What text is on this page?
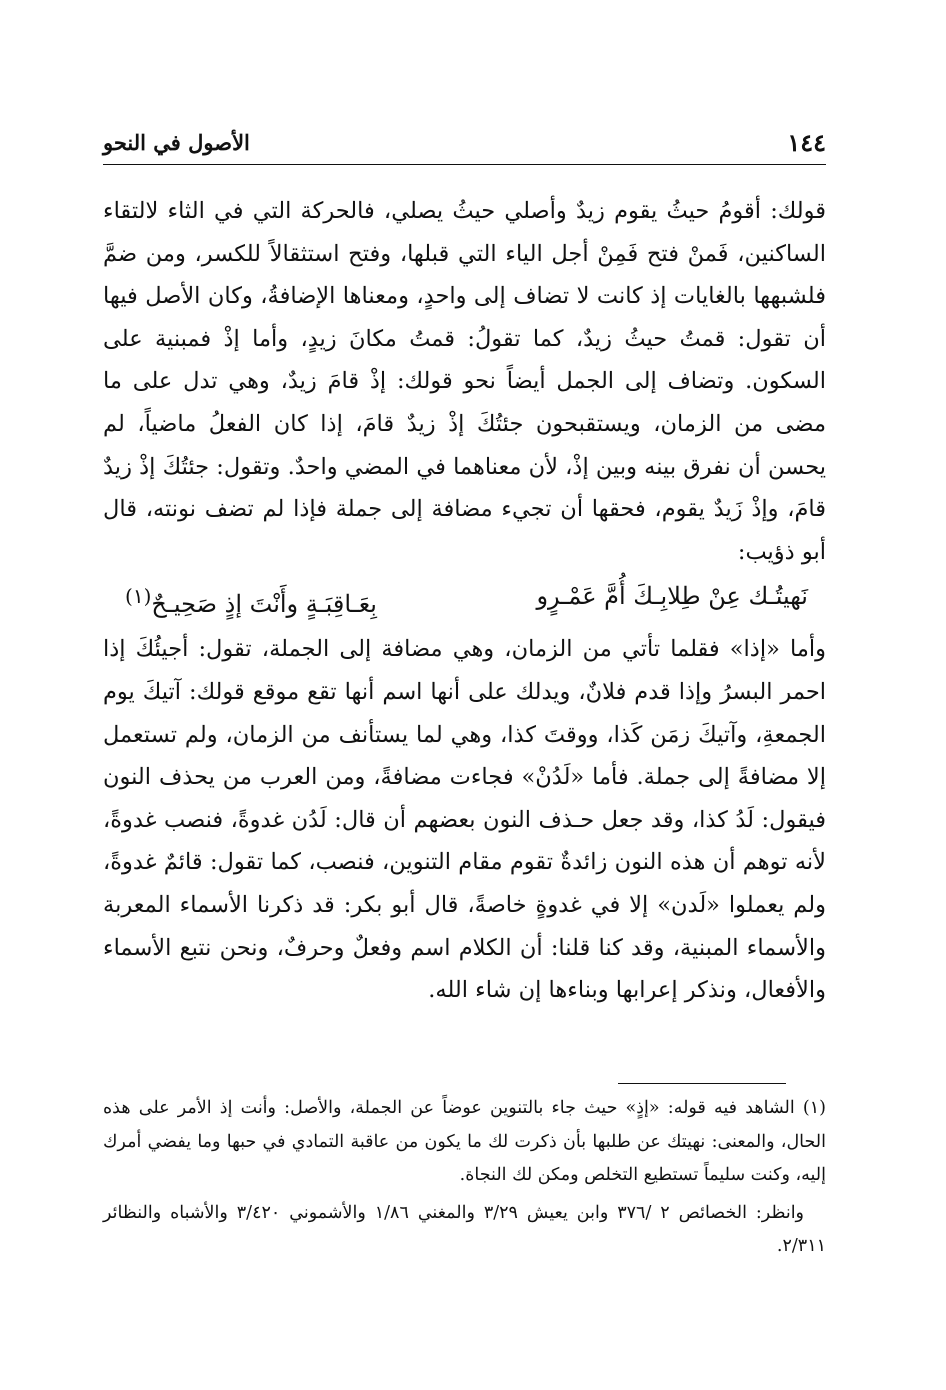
١٤٤
الأصول في النحو

قولك: أقومُ حيثُ يقوم زيدٌ وأصلي حيثُ يصلي، فالحركة التي في الثاء لالتقاء الساكنين، فَمنْ فتح فَمِنْ أجل الياء التي قبلها، وفتح استثقالاً للكسر، ومن ضمَّ فلشبهها بالغايات إذ كانت لا تضاف إلى واحدٍ، ومعناها الإضافةُ، وكان الأصل فيها أن تقول: قمتُ حيثُ زيدٌ، كما تقولُ: قمتُ مكانَ زيدٍ، وأما إذْ فمبنية على السكون. وتضاف إلى الجمل أيضاً نحو قولك: إذْ قامَ زيدٌ، وهي تدل على ما مضى من الزمان، ويستقبحون جئتُكَ إذْ زيدٌ قامَ، إذا كان الفعلُ ماضياً، لم يحسن أن نفرق بينه وبين إذْ، لأن معناهما في المضي واحدٌ. وتقول: جئتُكَ إذْ زيدٌ قامَ، وإذْ زَيدٌ يقوم، فحقها أن تجيء مضافة إلى جملة فإذا لم تضف نونته، قال أبو ذؤيب:

نَهيتُـك عِنْ طِلابِـكَ أُمَّ عَمْـرٍو
بِعَـاقِبَـةٍ وأَنْتَ إذٍ صَحِيـحٌ$^{(١)}$

وأما «إذا» فقلما تأتي من الزمان، وهي مضافة إلى الجملة، تقول: أجيئُكَ إذا احمر البسرُ وإذا قدم فلانٌ، ويدلك على أنها اسم أنها تقع موقع قولك: آتيكَ يوم الجمعةِ، وآتيكَ زمَن كَذا، ووقتَ كذا، وهي لما يستأنف من الزمان، ولم تستعمل إلا مضافةً إلى جملة. فأما «لَدُنْ» فجاءت مضافةً، ومن العرب من يحذف النون فيقول: لَدُ كذا، وقد جعل حـذف النون بعضهم أن قال: لَدُن غدوةً، فنصب غدوةً، لأنه توهم أن هذه النون زائدةٌ تقوم مقام التنوين، فنصب، كما تقول: قائمٌ غدوةً، ولم يعملوا «لَدن» إلا في غدوةٍ خاصةً، قال أبو بكر: قد ذكرنا الأسماء المعربة والأسماء المبنية، وقد كنا قلنا: أن الكلام اسم وفعلٌ وحرفٌ، ونحن نتبع الأسماء والأفعال، ونذكر إعرابها وبناءها إن شاء الله.

(١) الشاهد فيه قوله: «إذٍ» حيث جاء بالتنوين عوضاً عن الجملة، والأصل: وأنت إذ الأمر على هذه الحال، والمعنى: نهيتك عن طلبها بأن ذكرت لك ما يكون من عاقبة التمادي في حبها وما يفضي أمرك إليه، وكنت سليماً تستطيع التخلص ومكن لك النجاة.

وانظر: الخصائص ٢ /٣٧٦ وابن يعيش ٣/٢٩ والمغني ١/٨٦ والأشموني ٣/٤٢٠ والأشباه والنظائر ٢/٣١١.
